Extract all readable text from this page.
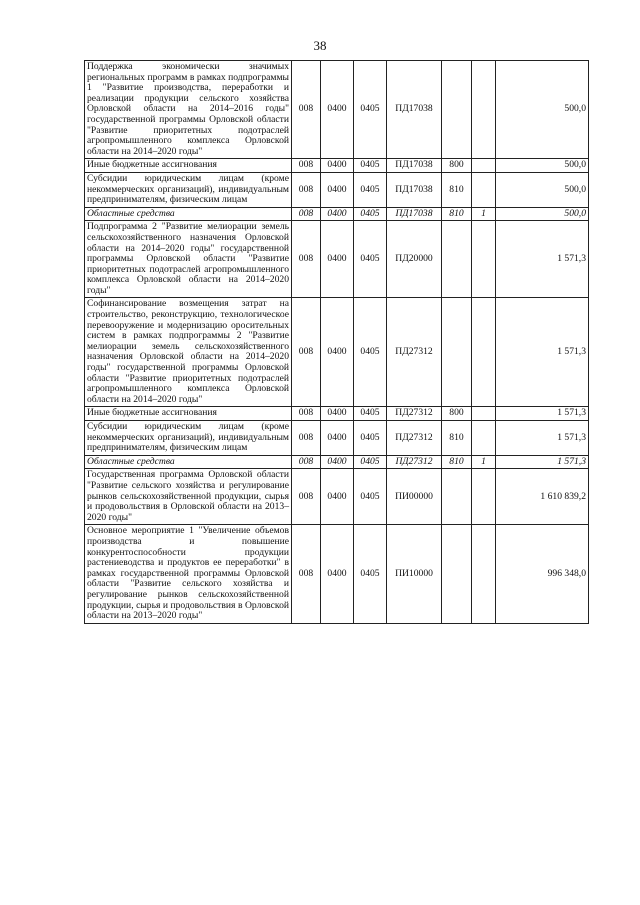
38
Поддержка экономически значимых региональных программ в рамках подпрограммы 1 "Развитие производства, переработки и реализации продукции сельского хозяйства Орловской области на 2014–2016 годы" государственной программы Орловской области "Развитие приоритетных подотраслей агропромышленного комплекса Орловской области на 2014–2020 годы"	008	0400	0405	ПД17038			500,0
Иные бюджетные ассигнования	008	0400	0405	ПД17038	800		500,0
Субсидии юридическим лицам (кроме некоммерческих организаций), индивидуальным предпринимателям, физическим лицам	008	0400	0405	ПД17038	810		500,0
Областные средства	008	0400	0405	ПД17038	810	1	500,0
Подпрограмма 2 "Развитие мелиорации земель сельскохозяйственного назначения Орловской области на 2014–2020 годы" государственной программы Орловской области "Развитие приоритетных подотраслей агропромышленного комплекса Орловской области на 2014–2020 годы"	008	0400	0405	ПД20000			1 571,3
Софинансирование возмещения затрат на строительство, реконструкцию, технологическое перевооружение и модернизацию оросительных систем в рамках подпрограммы 2 "Развитие мелиорации земель сельскохозяйственного назначения Орловской области на 2014–2020 годы" государственной программы Орловской области "Развитие приоритетных подотраслей агропромышленного комплекса Орловской области на 2014–2020 годы"	008	0400	0405	ПД27312			1 571,3
Иные бюджетные ассигнования	008	0400	0405	ПД27312	800		1 571,3
Субсидии юридическим лицам (кроме некоммерческих организаций), индивидуальным предпринимателям, физическим лицам	008	0400	0405	ПД27312	810		1 571,3
Областные средства	008	0400	0405	ПД27312	810	1	1 571,3
Государственная программа Орловской области "Развитие сельского хозяйства и регулирование рынков сельскохозяйственной продукции, сырья и продовольствия в Орловской области на 2013–2020 годы"	008	0400	0405	ПИ00000			1 610 839,2
Основное мероприятие 1 "Увеличение объемов производства и повышение конкурентоспособности продукции растениеводства и продуктов ее переработки" в рамках государственной программы Орловской области "Развитие сельского хозяйства и регулирование рынков сельскохозяйственной продукции, сырья и продовольствия в Орловской области на 2013–2020 годы"	008	0400	0405	ПИ10000			996 348,0
